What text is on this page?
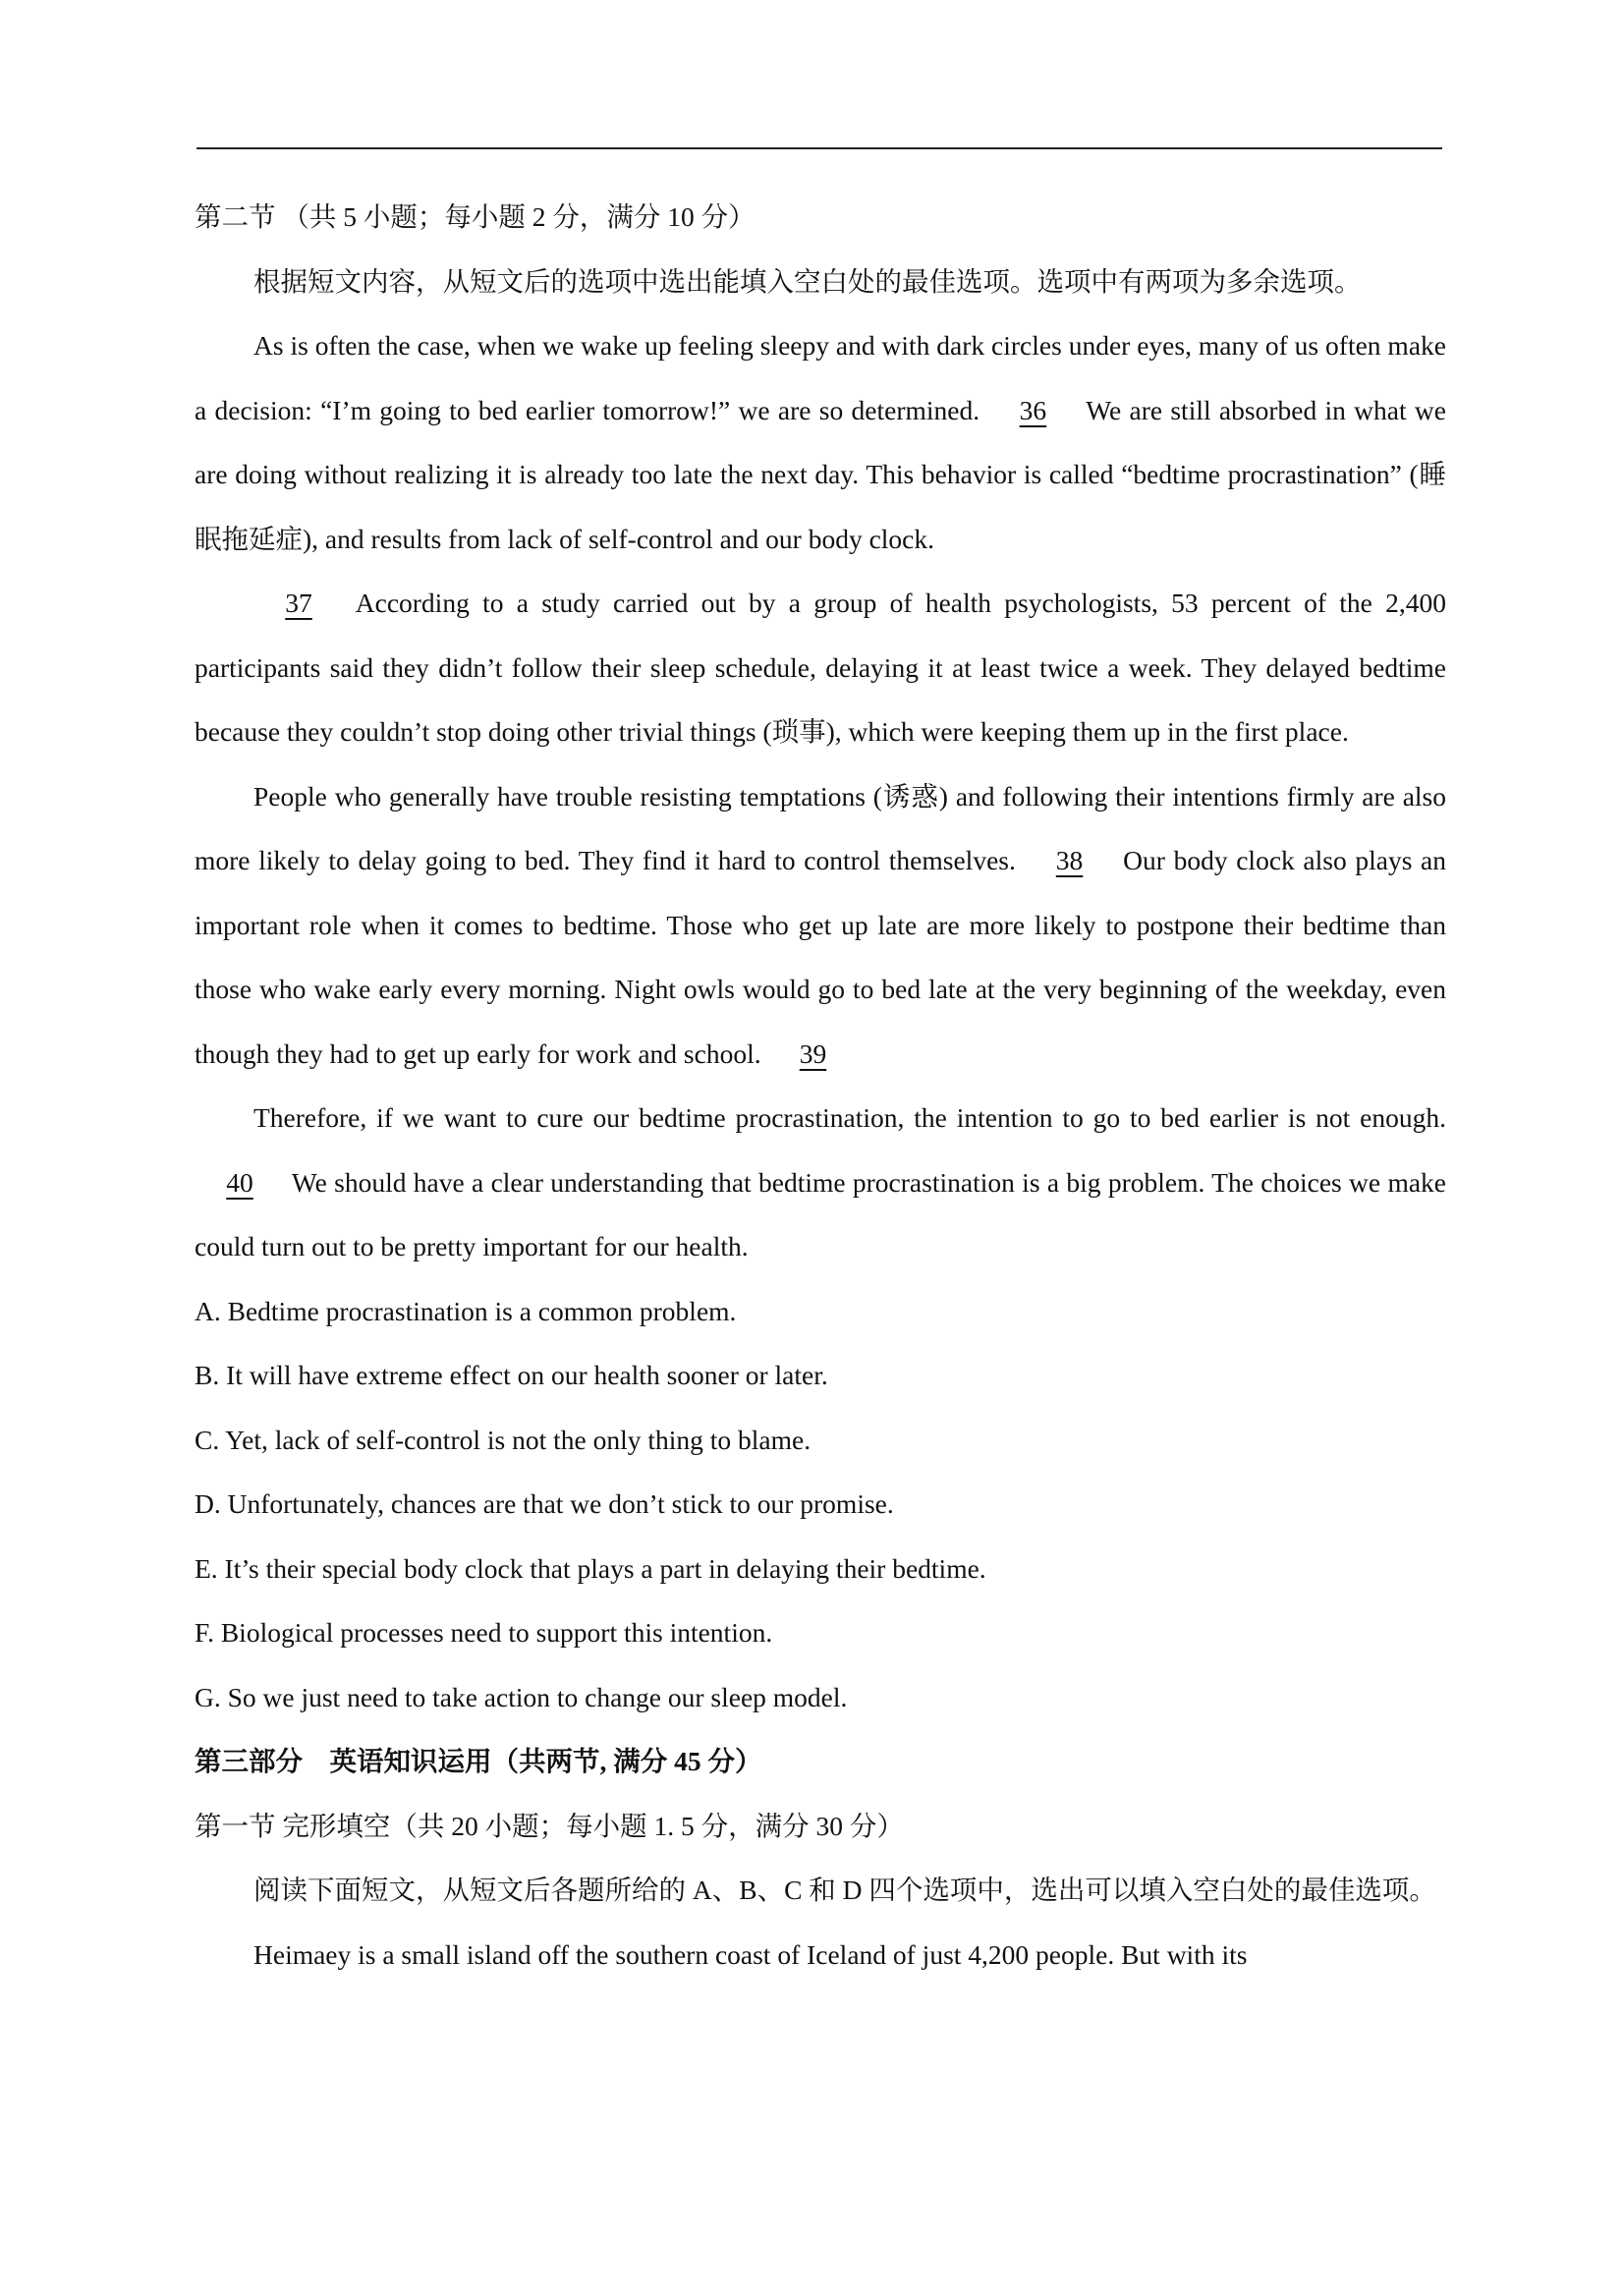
第二节 （共 5 小题；每小题 2 分，满分 10 分）

根据短文内容，从短文后的选项中选出能填入空白处的最佳选项。选项中有两项为多余选项。

As is often the case, when we wake up feeling sleepy and with dark circles under eyes, many of us often make a decision: “I’m going to bed earlier tomorrow!” we are so determined. 36 We are still absorbed in what we are doing without realizing it is already too late the next day. This behavior is called “bedtime procrastination” (睡眠拖延症), and results from lack of self-control and our body clock.

37 According to a study carried out by a group of health psychologists, 53 percent of the 2,400 participants said they didn’t follow their sleep schedule, delaying it at least twice a week. They delayed bedtime because they couldn’t stop doing other trivial things (琐事), which were keeping them up in the first place.

People who generally have trouble resisting temptations (诱惑) and following their intentions firmly are also more likely to delay going to bed. They find it hard to control themselves. 38 Our body clock also plays an important role when it comes to bedtime. Those who get up late are more likely to postpone their bedtime than those who wake early every morning. Night owls would go to bed late at the very beginning of the weekday, even though they had to get up early for work and school. 39

Therefore, if we want to cure our bedtime procrastination, the intention to go to bed earlier is not enough. 40 We should have a clear understanding that bedtime procrastination is a big problem. The choices we make could turn out to be pretty important for our health.

A. Bedtime procrastination is a common problem.

B. It will have extreme effect on our health sooner or later.

C. Yet, lack of self-control is not the only thing to blame.

D. Unfortunately, chances are that we don’t stick to our promise.

E. It’s their special body clock that plays a part in delaying their bedtime.

F. Biological processes need to support this intention.

G. So we just need to take action to change our sleep model.

第三部分　英语知识运用（共两节, 满分 45 分）

第一节 完形填空（共 20 小题；每小题 1. 5 分，满分 30 分）

阅读下面短文，从短文后各题所给的 A、B、C 和 D 四个选项中，选出可以填入空白处的最佳选项。

Heimaey is a small island off the southern coast of Iceland of just 4,200 people. But with its
